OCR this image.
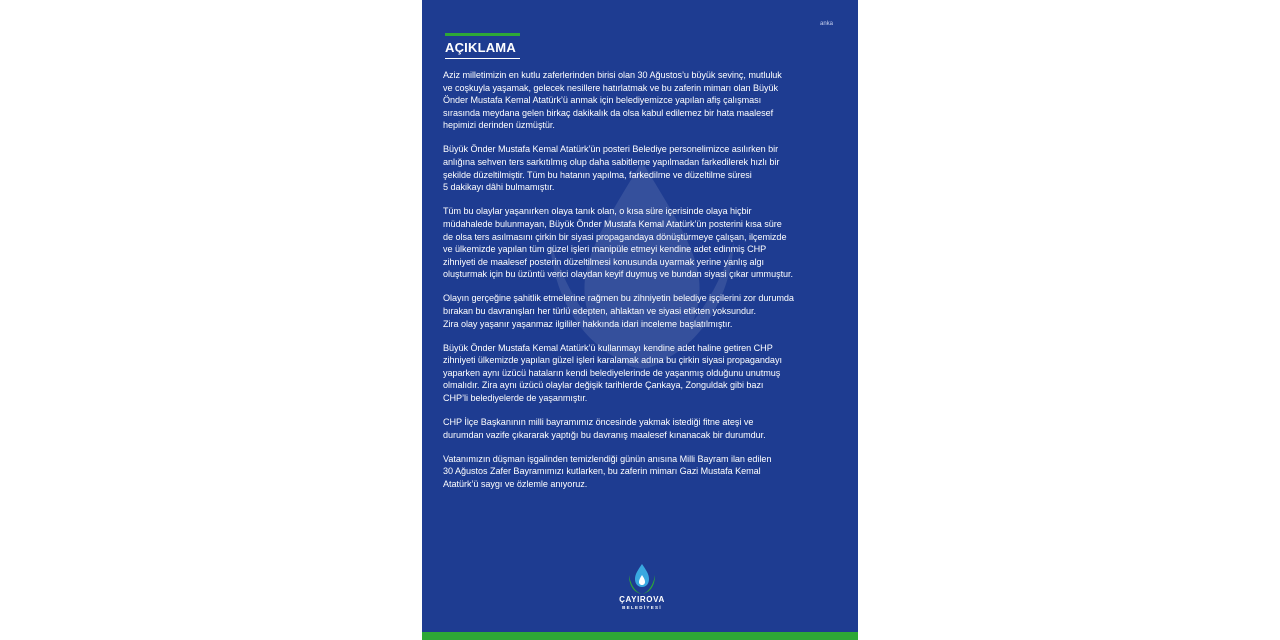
anka
AÇIKLAMA

Aziz milletimizin en kutlu zaferlerinden birisi olan 30 Ağustos’u büyük sevinç, mutluluk
ve coşkuyla yaşamak, gelecek nesillere hatırlatmak ve bu zaferin mimarı olan Büyük
Önder Mustafa Kemal Atatürk’ü anmak için belediyemizce yapılan afiş çalışması
sırasında meydana gelen birkaç dakikalık da olsa kabul edilemez bir hata maalesef
hepimizi derinden üzmüştür.

Büyük Önder Mustafa Kemal Atatürk’ün posteri Belediye personelimizce asılırken bir
anlığına sehven ters sarkıtılmış olup daha sabitleme yapılmadan farkedilerek hızlı bir
şekilde düzeltilmiştir. Tüm bu hatanın yapılma, farkedilme ve düzeltilme süresi
5 dakikayı dâhi bulmamıştır.

Tüm bu olaylar yaşanırken olaya tanık olan, o kısa süre içerisinde olaya hiçbir
müdahalede bulunmayan, Büyük Önder Mustafa Kemal Atatürk’ün posterini kısa süre
de olsa ters asılmasını çirkin bir siyasi propagandaya dönüştürmeye çalışan, ilçemizde
ve ülkemizde yapılan tüm güzel işleri manipüle etmeyi kendine adet edinmiş CHP
zihniyeti de maalesef posterin düzeltilmesi konusunda uyarmak yerine yanlış algı
oluşturmak için bu üzüntü verici olaydan keyif duymuş ve bundan siyasi çıkar ummuştur.

Olayın gerçeğine şahitlik etmelerine rağmen bu zihniyetin belediye işçilerini zor durumda
bırakan bu davranışları her türlü edepten, ahlaktan ve siyasi etikten yoksundur.
Zira olay yaşanır yaşanmaz ilgililer hakkında idari inceleme başlatılmıştır.

Büyük Önder Mustafa Kemal Atatürk’ü kullanmayı kendine adet haline getiren CHP
zihniyeti ülkemizde yapılan güzel işleri karalamak adına bu çirkin siyasi propagandayı
yaparken aynı üzücü hataların kendi belediyelerinde de yaşanmış olduğunu unutmuş
olmalıdır. Zira aynı üzücü olaylar değişik tarihlerde Çankaya, Zonguldak gibi bazı
CHP’li belediyelerde de yaşanmıştır.

CHP İlçe Başkanının milli bayramımız öncesinde yakmak istediği fitne ateşi ve
durumdan vazife çıkararak yaptığı bu davranış maalesef kınanacak bir durumdur.

Vatanımızın düşman işgalinden temizlendiği günün anısına Milli Bayram ilan edilen
30 Ağustos Zafer Bayramımızı kutlarken, bu zaferin mimarı Gazi Mustafa Kemal
Atatürk’ü saygı ve özlemle anıyoruz.

ÇAYIROVA
BELEDİYESİ
